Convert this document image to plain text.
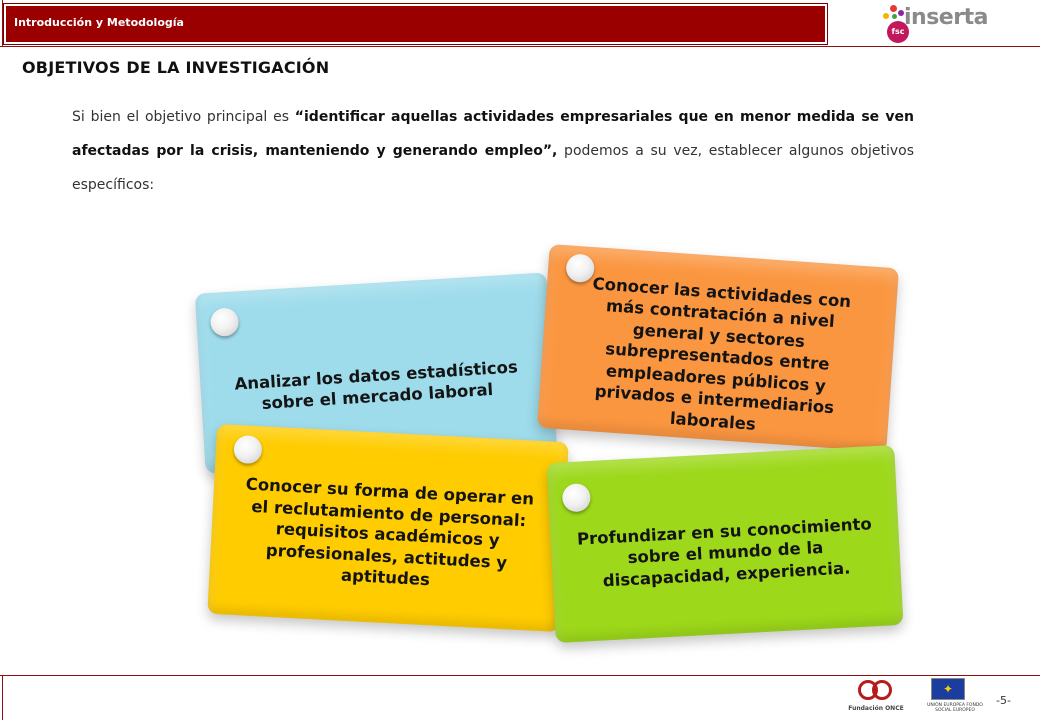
Introducción y Metodología
fsc
inserta
OBJETIVOS DE LA INVESTIGACIÓN

Si bien el objetivo principal es “identificar aquellas actividades empresariales que en menor medida se ven afectadas por la crisis, manteniendo y generando empleo”, podemos a su vez, establecer algunos objetivos específicos:

Analizar los datos estadísticos sobre el mercado laboral
Conocer las actividades con más contratación a nivel general y sectores subrepresentados entre empleadores públicos y privados e intermediarios laborales
Conocer su forma de operar en el reclutamiento de personal: requisitos académicos y profesionales, actitudes y aptitudes
Profundizar en su conocimiento sobre el mundo de la discapacidad, experiencia.
Fundación ONCE
✦
UNIÓN EUROPEA FONDO SOCIAL EUROPEO
-5-
